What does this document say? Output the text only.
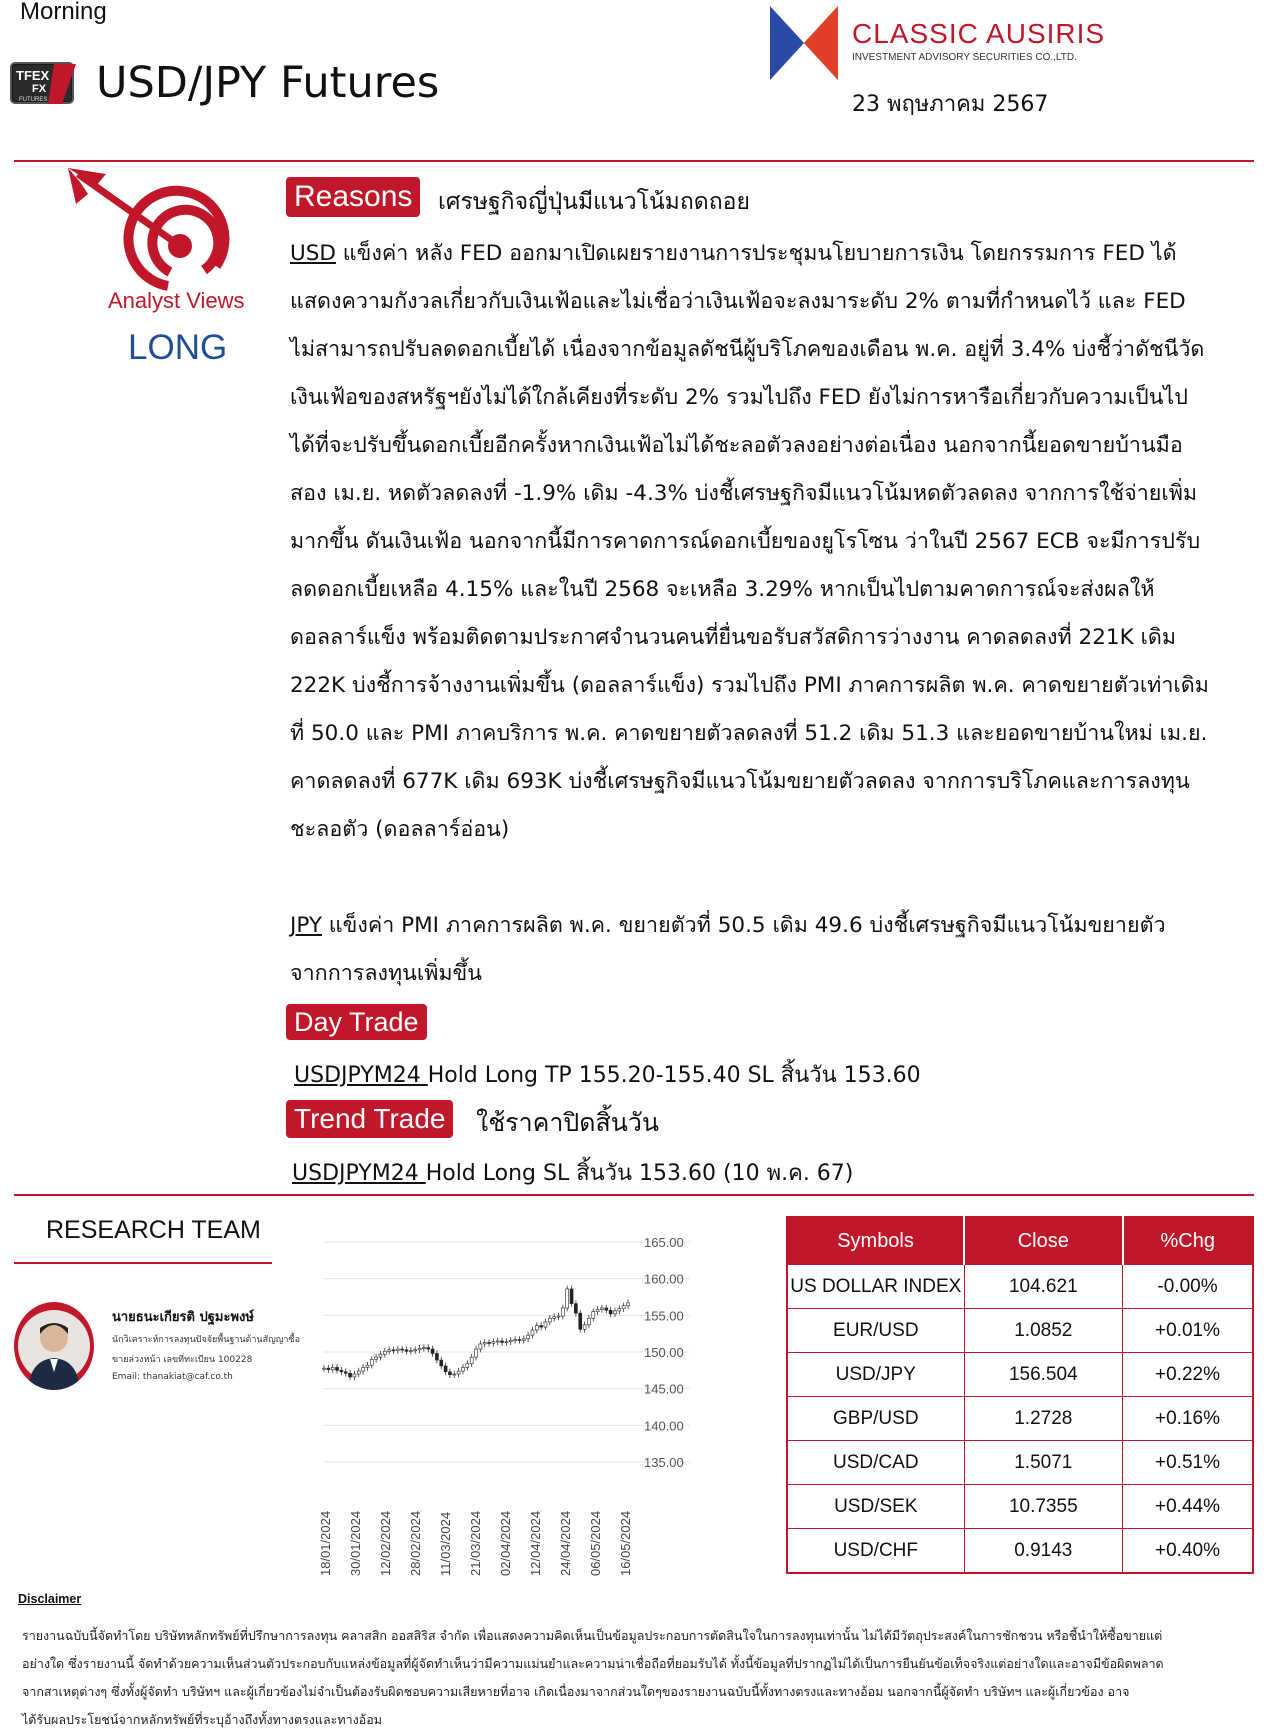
Morning
TFEX
FX
FUTURES USD/JPY Futures
CLASSIC AUSIRIS
INVESTMENT ADVISORY SECURITIES CO.,LTD.
23 พฤษภาคม 2567
Analyst Views
LONG
Reasons	เศรษฐกิจญี่ปุ่นมีแนวโน้มถดถอย

USD แข็งค่า หลัง FED ออกมาเปิดเผยรายงานการประชุมนโยบายการเงิน โดยกรรมการ FED ได้แสดงความกังวลเกี่ยวกับเงินเฟ้อและไม่เชื่อว่าเงินเฟ้อจะลงมาระดับ 2% ตามที่กำหนดไว้ และ FED ไม่สามารถปรับลดดอกเบี้ยได้ เนื่องจากข้อมูลดัชนีผู้บริโภคของเดือน พ.ค. อยู่ที่ 3.4% บ่งชี้ว่าดัชนีวัดเงินเฟ้อของสหรัฐฯยังไม่ได้ใกล้เคียงที่ระดับ 2% รวมไปถึง FED ยังไม่การหารือเกี่ยวกับความเป็นไปได้ที่จะปรับขึ้นดอกเบี้ยอีกครั้งหากเงินเฟ้อไม่ได้ชะลอตัวลงอย่างต่อเนื่อง นอกจากนี้ยอดขายบ้านมือสอง เม.ย. หดตัวลดลงที่ -1.9% เดิม -4.3% บ่งชี้เศรษฐกิจมีแนวโน้มหดตัวลดลง จากการใช้จ่ายเพิ่มมากขึ้น ดันเงินเฟ้อ นอกจากนี้มีการคาดการณ์ดอกเบี้ยของยูโรโซน ว่าในปี 2567 ECB จะมีการปรับลดดอกเบี้ยเหลือ 4.15% และในปี 2568 จะเหลือ 3.29% หากเป็นไปตามคาดการณ์จะส่งผลให้ดอลลาร์แข็ง พร้อมติดตามประกาศจำนวนคนที่ยื่นขอรับสวัสดิการว่างงาน คาดลดลงที่ 221K เดิม 222K บ่งชี้การจ้างงานเพิ่มขึ้น (ดอลลาร์แข็ง) รวมไปถึง PMI ภาคการผลิต พ.ค. คาดขยายตัวเท่าเดิมที่ 50.0 และ PMI ภาคบริการ พ.ค. คาดขยายตัวลดลงที่ 51.2 เดิม 51.3 และยอดขายบ้านใหม่ เม.ย. คาดลดลงที่ 677K เดิม 693K บ่งชี้เศรษฐกิจมีแนวโน้มขยายตัวลดลง จากการบริโภคและการลงทุนชะลอตัว (ดอลลาร์อ่อน)

JPY แข็งค่า PMI ภาคการผลิต พ.ค. ขยายตัวที่ 50.5 เดิม 49.6 บ่งชี้เศรษฐกิจมีแนวโน้มขยายตัว จากการลงทุนเพิ่มขึ้น

Day Trade
USDJPYM24 Hold Long TP 155.20-155.40 SL สิ้นวัน 153.60
Trend Trade	ใช้ราคาปิดสิ้นวัน
USDJPYM24 Hold Long SL สิ้นวัน 153.60 (10 พ.ค. 67)
RESEARCH TEAM
นายธนะเกียรติ ปฐมะพงษ์
นักวิเคราะห์การลงทุนปัจจัยพื้นฐานด้านสัญญาซื้อ
ขายล่วงหน้า เลขที่ทะเบียน 100228
Email: thanakiat@caf.co.th
165.00
160.00
155.00
150.00
145.00
140.00
135.00
18/01/2024 30/01/2024 12/02/2024 28/02/2024 11/03/2024 21/03/2024 02/04/2024 12/04/2024 24/04/2024 06/05/2024 16/05/2024
Symbols	Close	%Chg
US DOLLAR INDEX	104.621	-0.00%
EUR/USD	1.0852	+0.01%
USD/JPY	156.504	+0.22%
GBP/USD	1.2728	+0.16%
USD/CAD	1.5071	+0.51%
USD/SEK	10.7355	+0.44%
USD/CHF	0.9143	+0.40%
Disclaimer

รายงานฉบับนี้จัดทำโดย บริษัทหลักทรัพย์ที่ปรึกษาการลงทุน คลาสสิก ออสสิริส จำกัด เพื่อแสดงความคิดเห็นเป็นข้อมูลประกอบการตัดสินใจในการลงทุนเท่านั้น ไม่ได้มีวัตถุประสงค์ในการชักชวน หรือชี้นำให้ซื้อขายแต่

อย่างใด ซึ่งรายงานนี้ จัดทำด้วยความเห็นส่วนตัวประกอบกับแหล่งข้อมูลที่ผู้จัดทำเห็นว่ามีความแม่นยำและความน่าเชื่อถือที่ยอมรับได้ ทั้งนี้ข้อมูลที่ปรากฏไม่ได้เป็นการยืนยันข้อเท็จจริงแต่อย่างใดและอาจมีข้อผิดพลาด

จากสาเหตุต่างๆ ซึ่งทั้งผู้จัดทำ บริษัทฯ และผู้เกี่ยวข้องไม่จำเป็นต้องรับผิดชอบความเสียหายที่อาจ เกิดเนื่องมาจากส่วนใดๆของรายงานฉบับนี้ทั้งทางตรงและทางอ้อม นอกจากนี้ผู้จัดทำ บริษัทฯ และผู้เกี่ยวข้อง อาจ

ได้รับผลประโยชน์จากหลักทรัพย์ที่ระบุอ้างถึงทั้งทางตรงและทางอ้อม
